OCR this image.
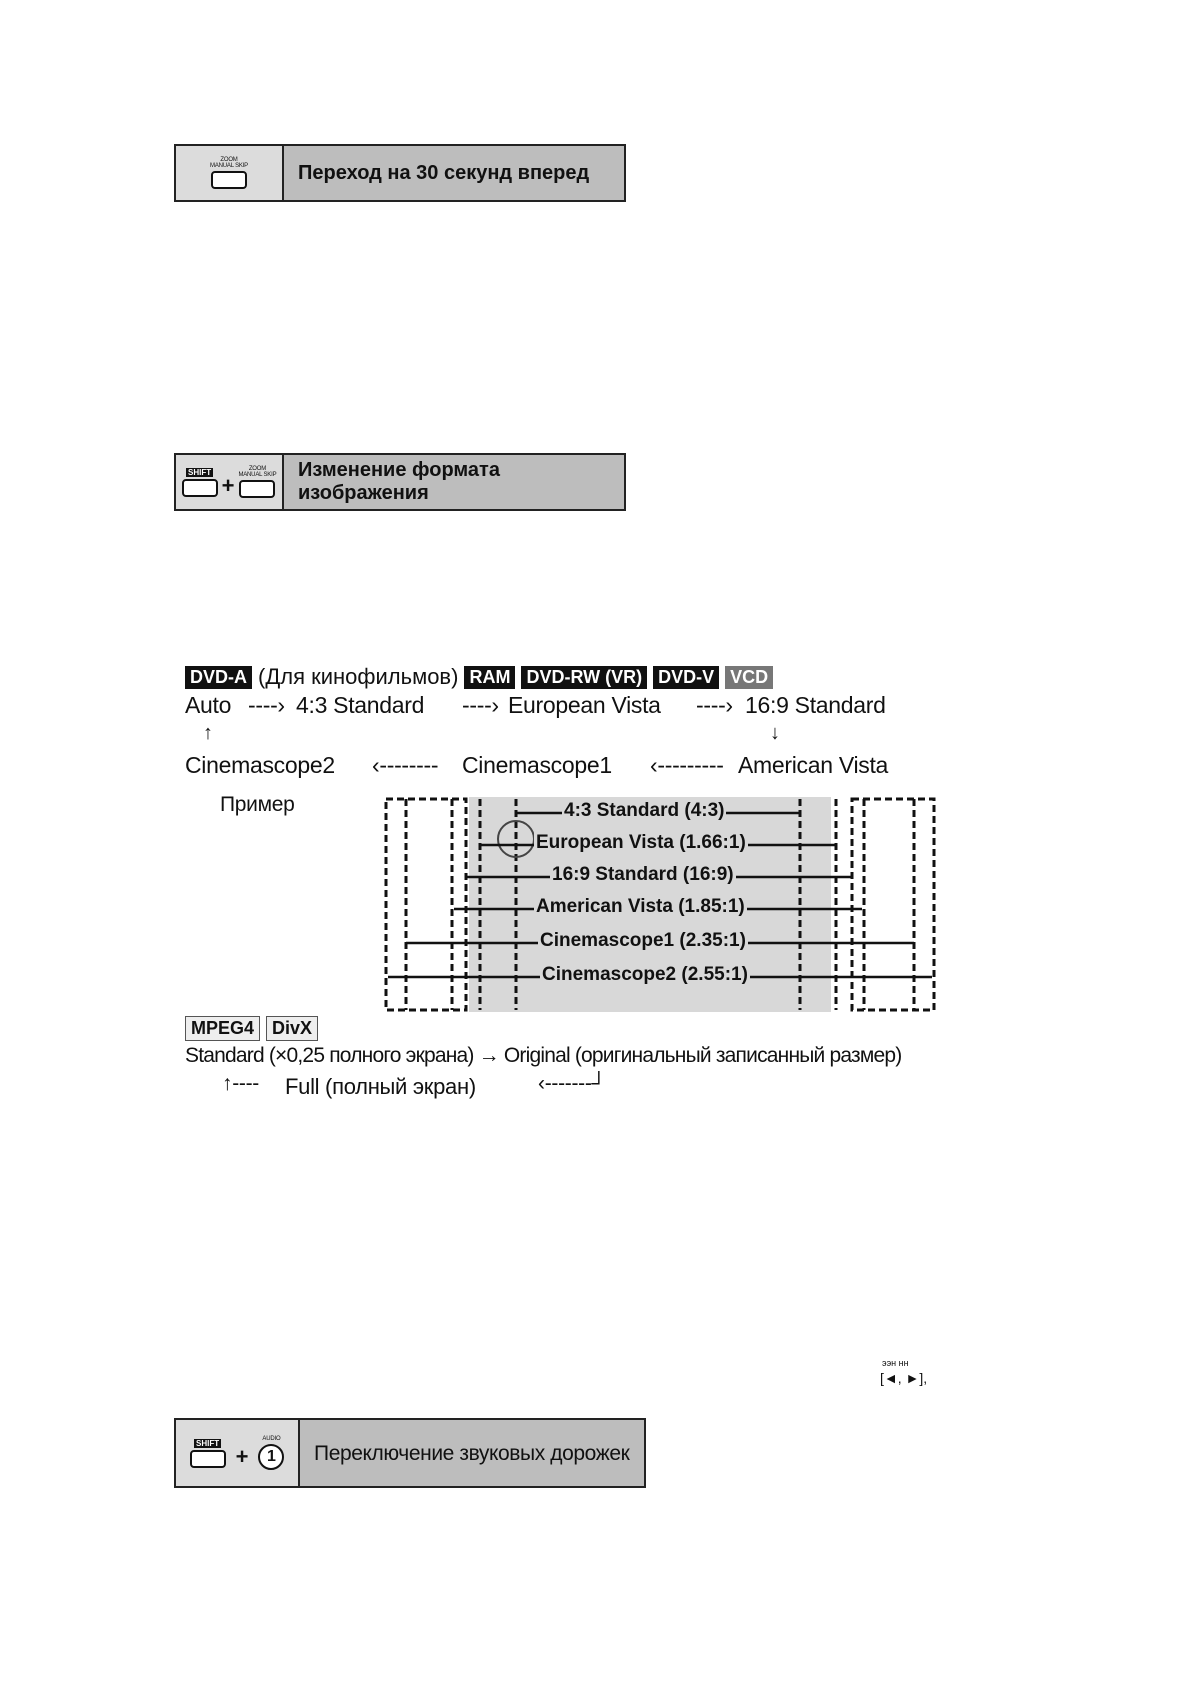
ZOOM
MANUAL SKIP	Переход на 30 секунд вперед
SHIFT
+
ZOOM
MANUAL SKIP Изменение формата
изображения
DVD-A (Для кинофильмов) RAM DVD-RW (VR) DVD-V VCD
Auto ----› 4:3 Standard ----› European Vista ----› 16:9 Standard
↑	↓
Cinemascope2 ‹-------- Cinemascope1 ‹--------- American Vista
Пример	4:3 Standard (4:3)
European Vista (1.66:1)
16:9 Standard (16:9)
American Vista (1.85:1)
Cinemascope1 (2.35:1)
Cinemascope2 (2.55:1)
MPEG4	DivX
Standard (×0,25 полного экрана) → Original (оригинальный записанный размер)
↑---- Full (полный экран)	‹-------┘
ээн нн
[◄, ►],
SHIFT
+
AUDIO
1	Переключение звуковых дорожек
